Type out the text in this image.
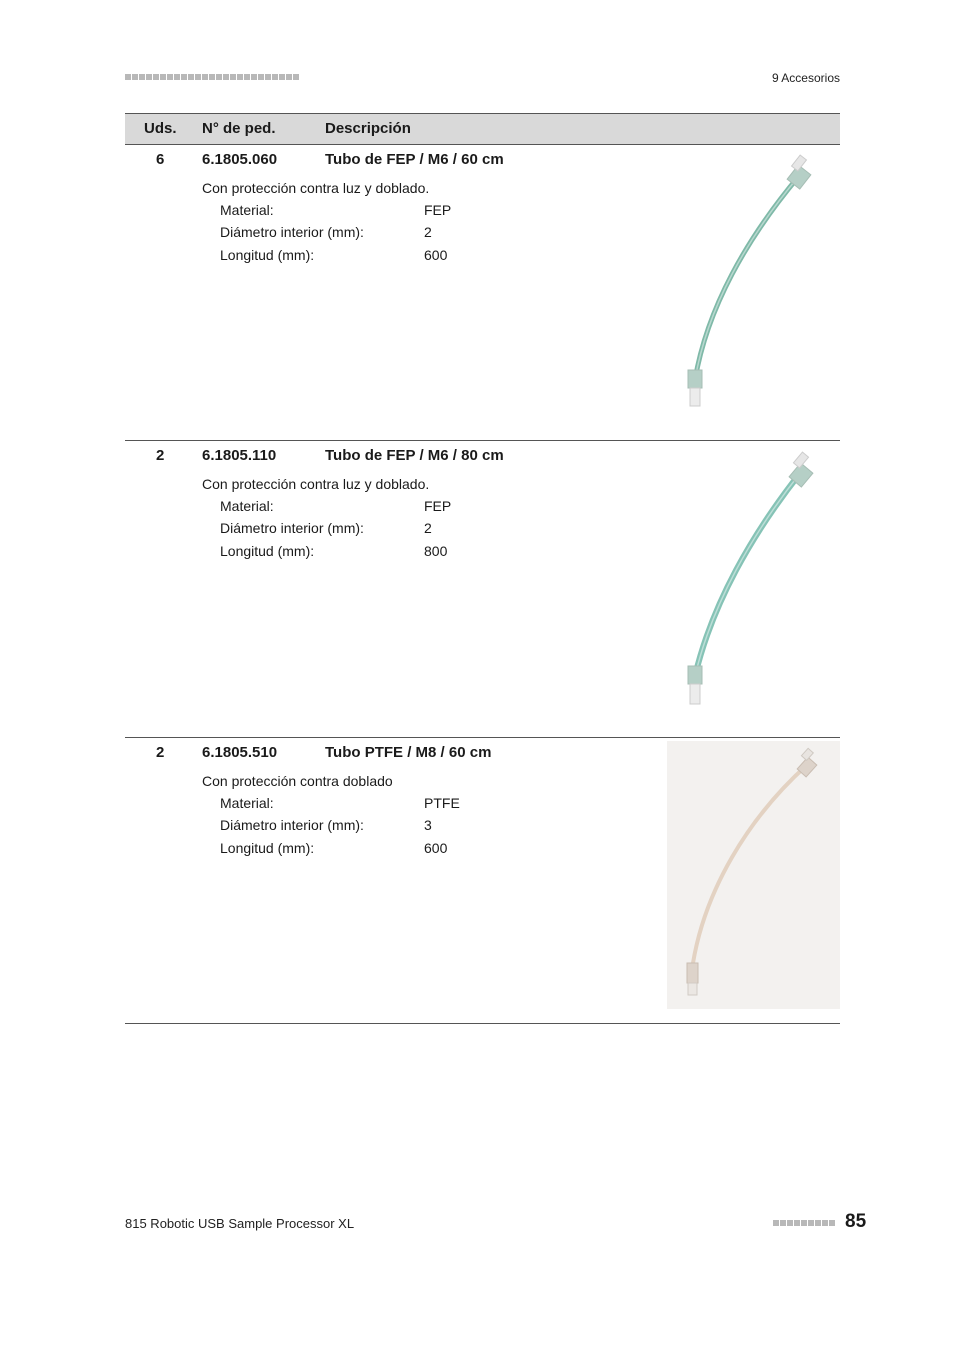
9 Accesorios
Uds. N° de ped.	Descripción
6	6.1805.060	Tubo de FEP / M6 / 60 cm
Con protección contra luz y doblado.
Material:	FEP
Diámetro interior (mm):	2
Longitud (mm):	600
2	6.1805.110	Tubo de FEP / M6 / 80 cm
Con protección contra luz y doblado.
Material:	FEP
Diámetro interior (mm):	2
Longitud (mm):	800
2	6.1805.510	Tubo PTFE / M8 / 60 cm
Con protección contra doblado
Material:	PTFE
Diámetro interior (mm):	3
Longitud (mm):	600
815 Robotic USB Sample Processor XL	85
